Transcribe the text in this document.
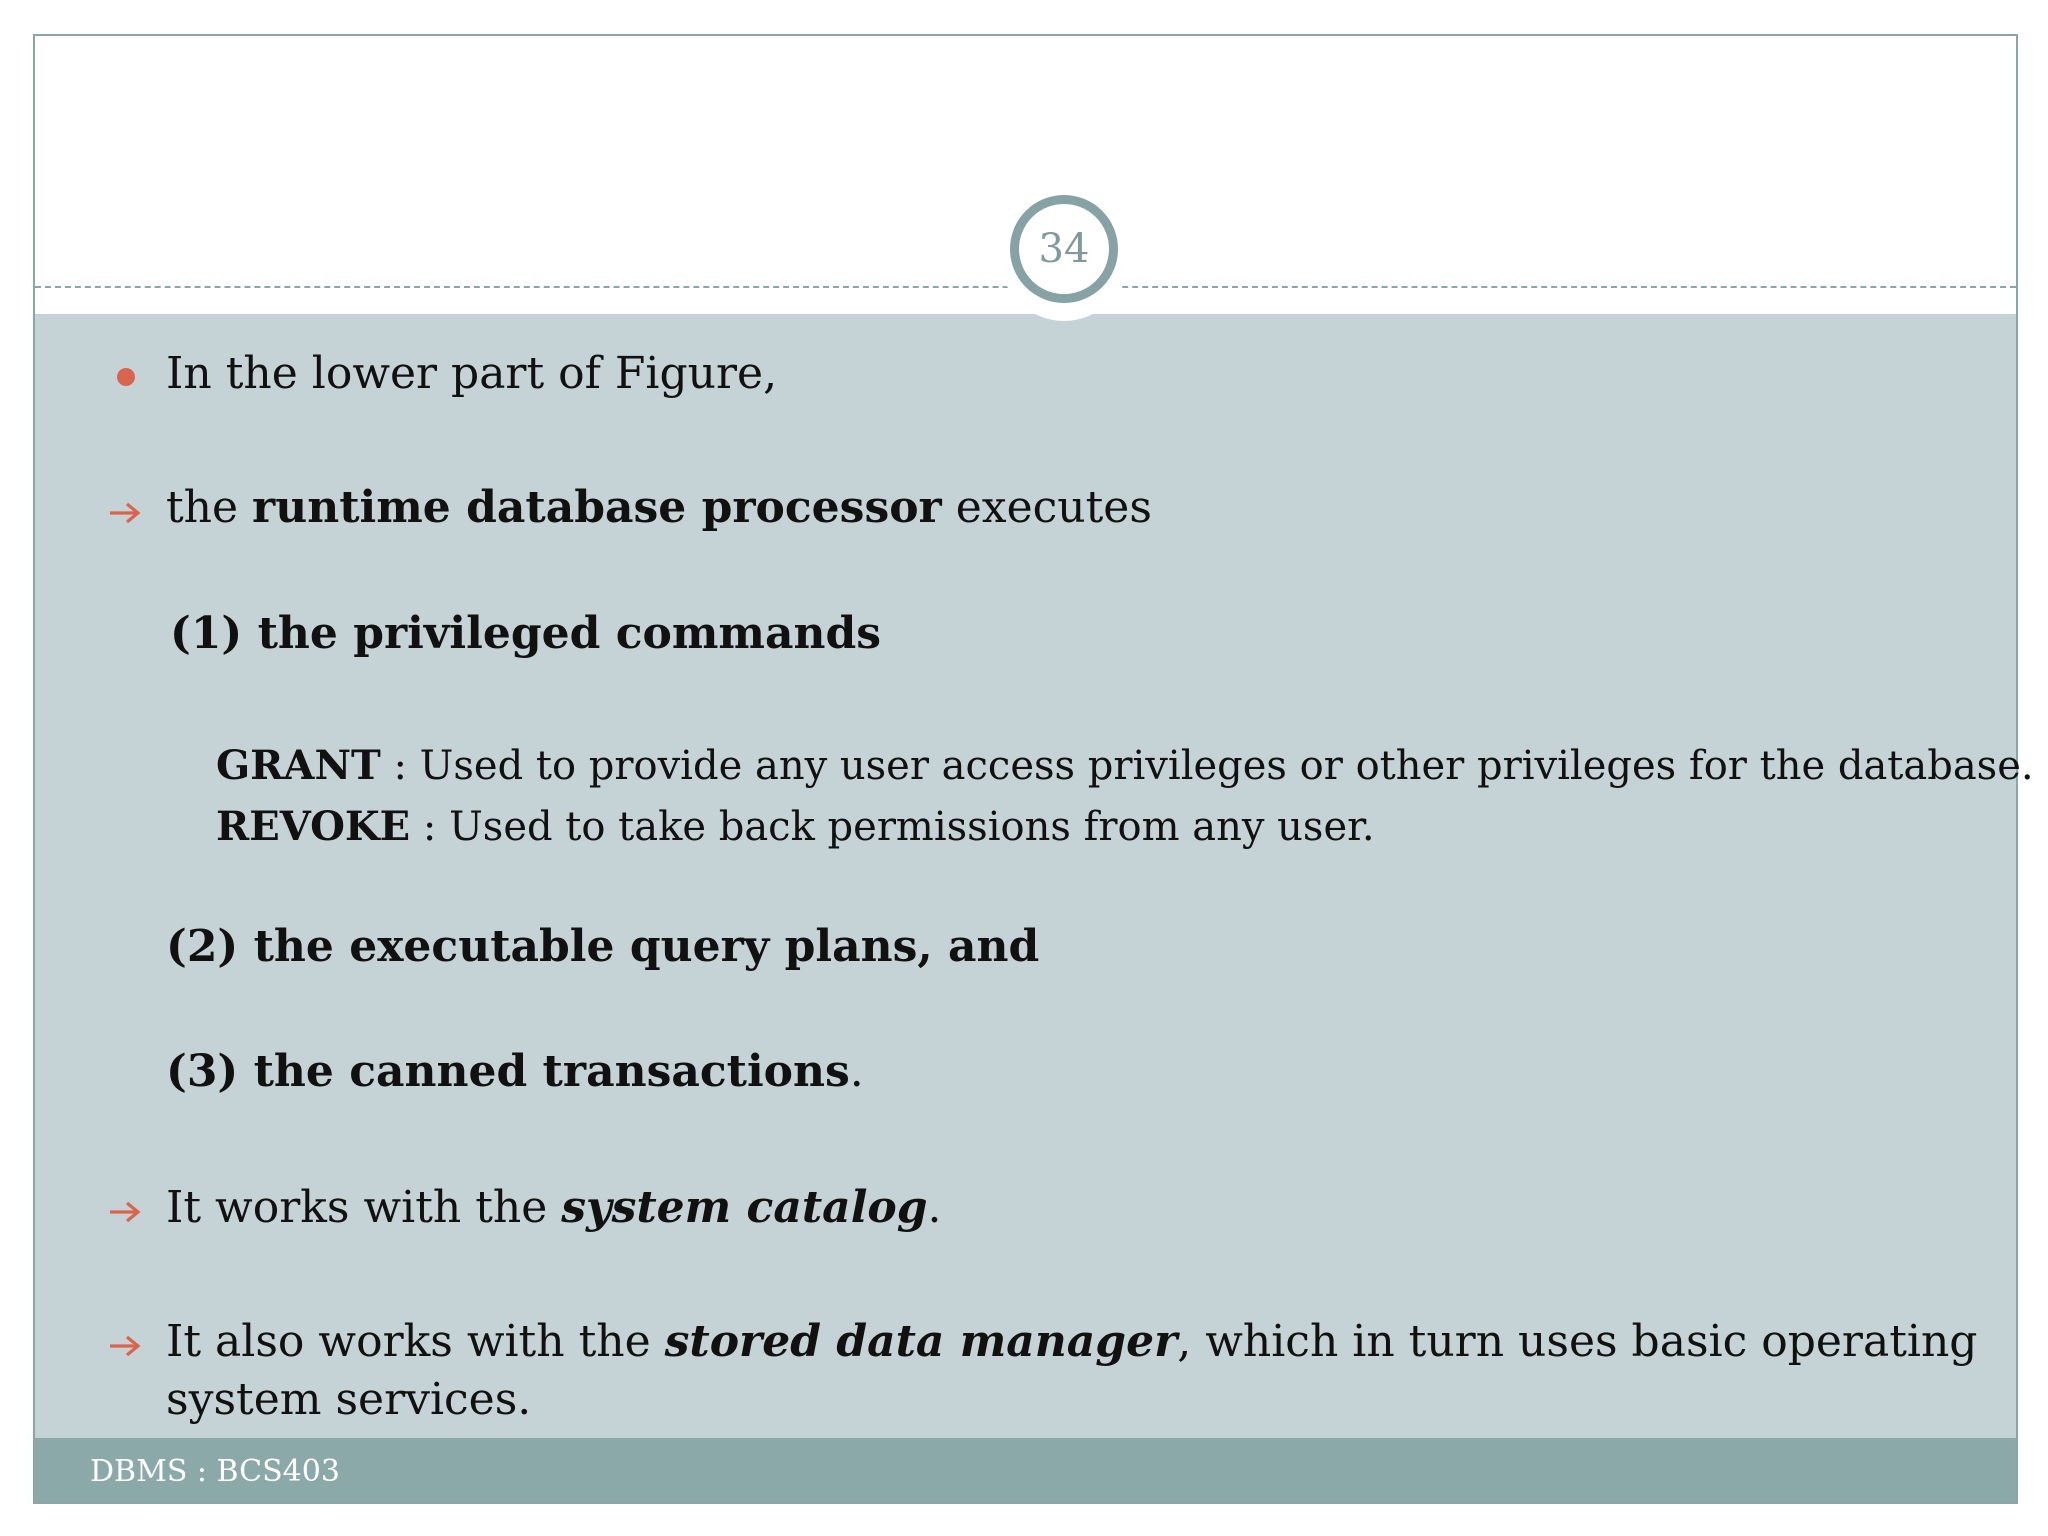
DBMS : BCS403
34
In the lower part of Figure,
the runtime database processor executes
(1) the privileged commands
GRANT : Used to provide any user access privileges or other privileges for the database.
REVOKE : Used to take back permissions from any user.
(2) the executable query plans, and
(3) the canned transactions.
It works with the system catalog.
It also works with the stored data manager, which in turn uses basic operating
system services.
